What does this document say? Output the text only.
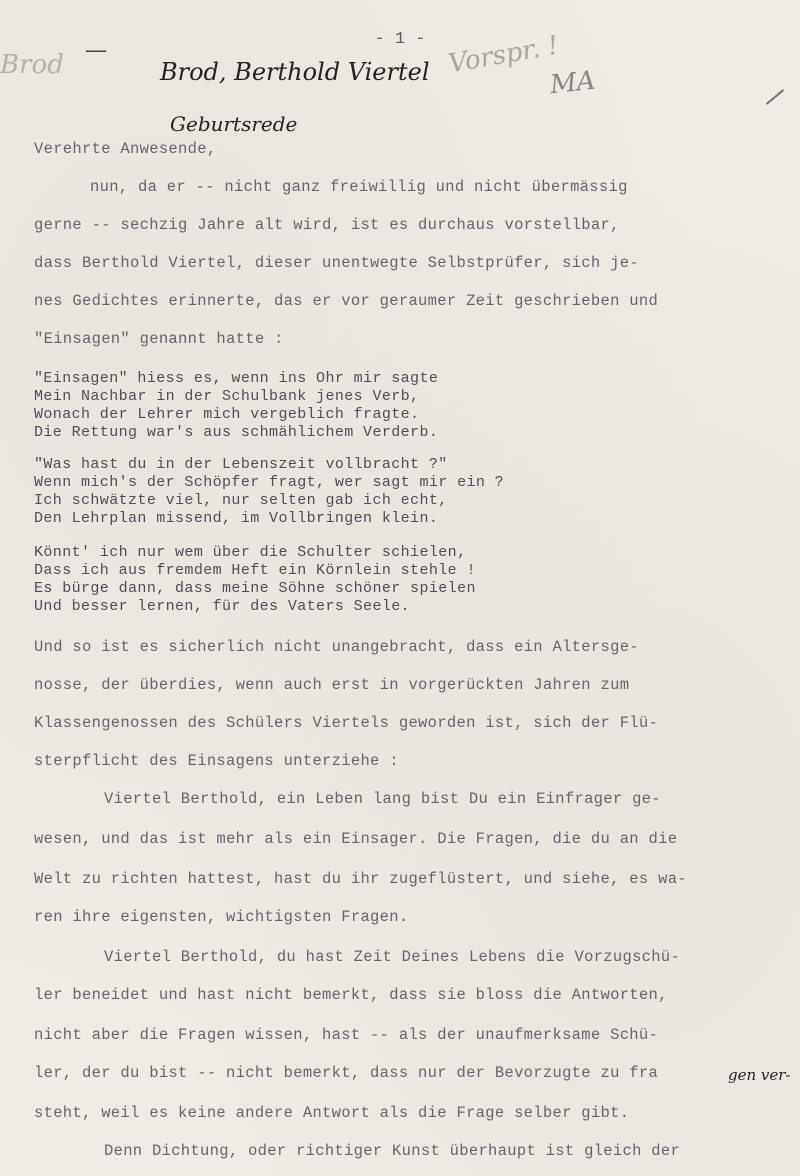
- 1 -
Brod —
Brod, Berthold Viertel Vorspr. !
MA
Geburtsrede
Verehrte Anwesende,
nun, da er -- nicht ganz freiwillig und nicht übermässig
gerne -- sechzig Jahre alt wird, ist es durchaus vorstellbar,
dass Berthold Viertel, dieser unentwegte Selbstprüfer, sich je-
nes Gedichtes erinnerte, das er vor geraumer Zeit geschrieben und
"Einsagen" genannt hatte :
"Einsagen" hiess es, wenn ins Ohr mir sagte
Mein Nachbar in der Schulbank jenes Verb,
Wonach der Lehrer mich vergeblich fragte.
Die Rettung war's aus schmählichem Verderb.
"Was hast du in der Lebenszeit vollbracht ?"
Wenn mich's der Schöpfer fragt, wer sagt mir ein ?
Ich schwätzte viel, nur selten gab ich echt,
Den Lehrplan missend, im Vollbringen klein.
Könnt' ich nur wem über die Schulter schielen,
Dass ich aus fremdem Heft ein Körnlein stehle !
Es bürge dann, dass meine Söhne schöner spielen
Und besser lernen, für des Vaters Seele.
Und so ist es sicherlich nicht unangebracht, dass ein Altersge-
nosse, der überdies, wenn auch erst in vorgerückten Jahren zum
Klassengenossen des Schülers Viertels geworden ist, sich der Flü-
sterpflicht des Einsagens unterziehe :
Viertel Berthold, ein Leben lang bist Du ein Einfrager ge-
wesen, und das ist mehr als ein Einsager. Die Fragen, die du an die
Welt zu richten hattest, hast du ihr zugeflüstert, und siehe, es wa-
ren ihre eigensten, wichtigsten Fragen.
Viertel Berthold, du hast Zeit Deines Lebens die Vorzugschü-
ler beneidet und hast nicht bemerkt, dass sie bloss die Antworten,
nicht aber die Fragen wissen, hast -- als der unaufmerksame Schü-
ler, der du bist -- nicht bemerkt, dass nur der Bevorzugte zu fra	gen ver-
steht, weil es keine andere Antwort als die Frage selber gibt.
Denn Dichtung, oder richtiger Kunst überhaupt ist gleich der
